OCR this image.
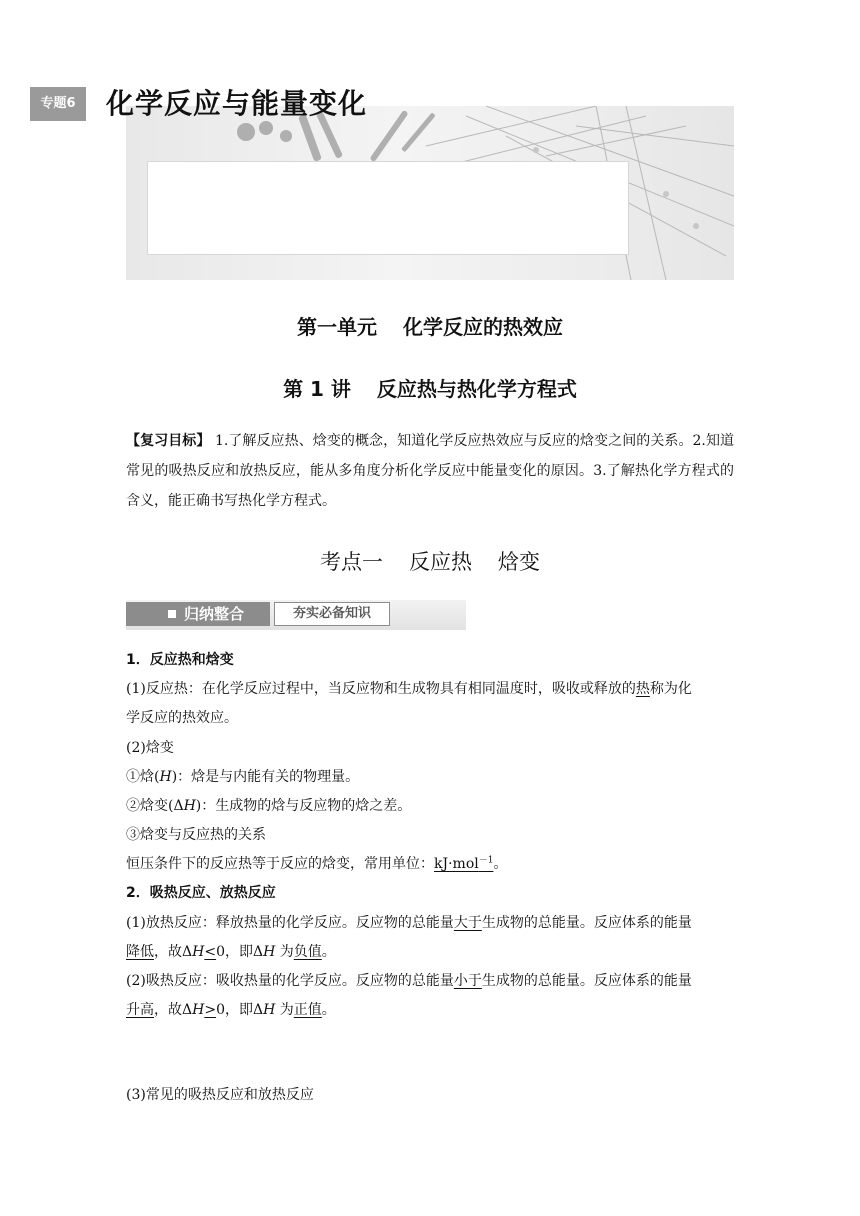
专题6	化学反应与能量变化
第一单元 化学反应的热效应
第 1 讲 反应热与热化学方程式
【复习目标】 1.了解反应热、焓变的概念，知道化学反应热效应与反应的焓变之间的关系。2.知道常见的吸热反应和放热反应，能从多角度分析化学反应中能量变化的原因。3.了解热化学方程式的含义，能正确书写热化学方程式。
考点一 反应热 焓变
归纳整合	夯实必备知识
1．反应热和焓变
(1)反应热：在化学反应过程中，当反应物和生成物具有相同温度时，吸收或释放的热称为化
学反应的热效应。
(2)焓变
①焓(H)：焓是与内能有关的物理量。
②焓变(ΔH)：生成物的焓与反应物的焓之差。
③焓变与反应热的关系
恒压条件下的反应热等于反应的焓变，常用单位：kJ·mol$^{-1}$。
2．吸热反应、放热反应
(1)放热反应：释放热量的化学反应。反应物的总能量大于生成物的总能量。反应体系的能量
降低，故ΔH<0，即ΔH 为负值。
(2)吸热反应：吸收热量的化学反应。反应物的总能量小于生成物的总能量。反应体系的能量
升高，故ΔH>0，即ΔH 为正值。
(3)常见的吸热反应和放热反应
